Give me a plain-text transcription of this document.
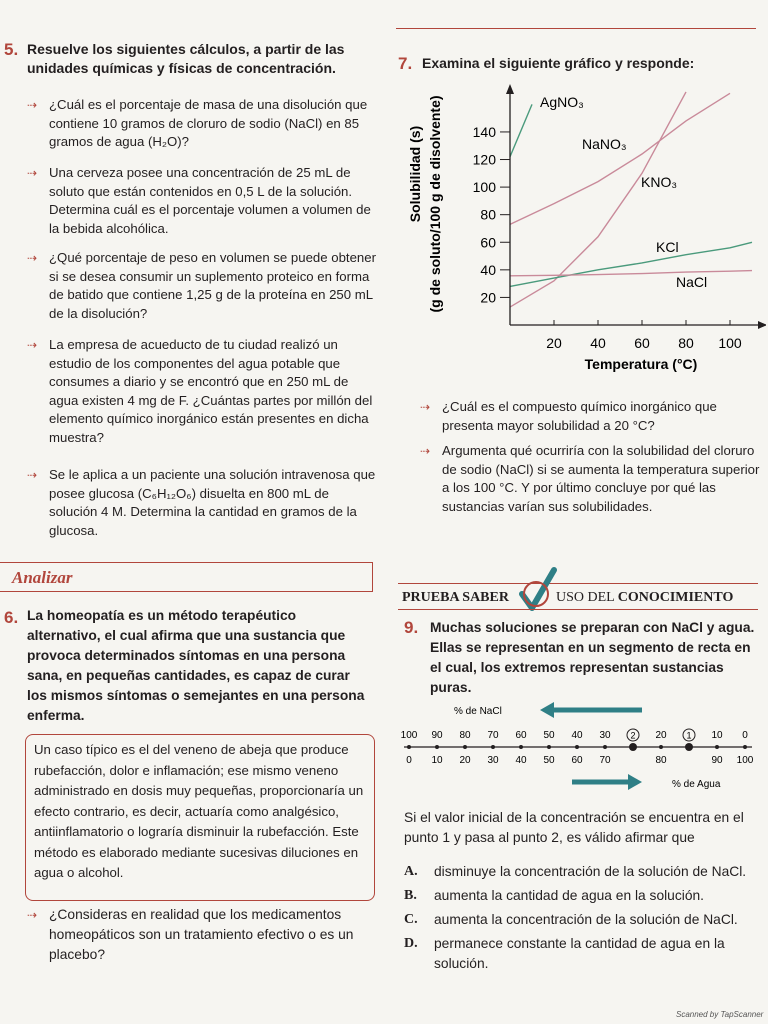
5. Resuelve los siguientes cálculos, a partir de las unidades químicas y físicas de concentración.
⇢ ¿Cuál es el porcentaje de masa de una disolución que contiene 10 gramos de cloruro de sodio (NaCl) en 85 gramos de agua (H₂O)?
⇢ Una cerveza posee una concentración de 25 mL de soluto que están contenidos en 0,5 L de la solución. Determina cuál es el porcentaje volumen a volumen de la bebida alcohólica.
⇢ ¿Qué porcentaje de peso en volumen se puede obtener si se desea consumir un suplemento proteico en forma de batido que contiene 1,25 g de la proteína en 250 mL de la disolución?
⇢ La empresa de acueducto de tu ciudad realizó un estudio de los componentes del agua potable que consumes a diario y se encontró que en 250 mL de agua existen 4 mg de F. ¿Cuántas partes por millón del elemento químico inorgánico están presentes en dicha muestra?
⇢ Se le aplica a un paciente una solución intravenosa que posee glucosa (C₆H₁₂O₆) disuelta en 800 mL de solución 4 M. Determina la cantidad en gramos de la glucosa.
7. Examina el siguiente gráfico y responde:
20
40
60
80
100
120
140
20 40 60 80 100
AgNO₃
NaNO₃
KNO₃
KCl
NaCl
Solubilidad (s) (g de soluto/100 g de disolvente)
Temperatura (°C)
⇢ ¿Cuál es el compuesto químico inorgánico que presenta mayor solubilidad a 20 °C?
⇢ Argumenta qué ocurriría con la solubilidad del cloruro de sodio (NaCl) si se aumenta la temperatura superior a los 100 °C. Y por último concluye por qué las sustancias varían sus solubilidades.
Analizar
6. La homeopatía es un método terapéutico alternativo, el cual afirma que una sustancia que provoca determinados síntomas en una persona sana, en pequeñas cantidades, es capaz de curar los mismos síntomas o semejantes en una persona enferma.
Un caso típico es el del veneno de abeja que produce rubefacción, dolor e inflamación; ese mismo veneno administrado en dosis muy pequeñas, proporcionaría un efecto contrario, es decir, actuaría como analgésico, antiinflamatorio o lograría disminuir la rubefacción. Este método es elaborado mediante sucesivas diluciones en agua o alcohol.
⇢ ¿Consideras en realidad que los medicamentos homeopáticos son un tratamiento efectivo o es un placebo?
PRUEBA SABER	USO DEL CONOCIMIENTO
9. Muchas soluciones se preparan con NaCl y agua. Ellas se representan en un segmento de recta en el cual, los extremos representan sustancias puras.
% de NaCl
100 90 80 70 60 50 40 30	20	10 0
0 10 20 30 40 50 60 70	80	90 100
2	1
% de Agua
Si el valor inicial de la concentración se encuentra en el punto 1 y pasa al punto 2, es válido afirmar que
A.	disminuye la concentración de la solución de NaCl.
B.	aumenta la cantidad de agua en la solución.
C.	aumenta la concentración de la solución de NaCl.
D.	permanece constante la cantidad de agua en la solución.
Scanned by TapScanner
